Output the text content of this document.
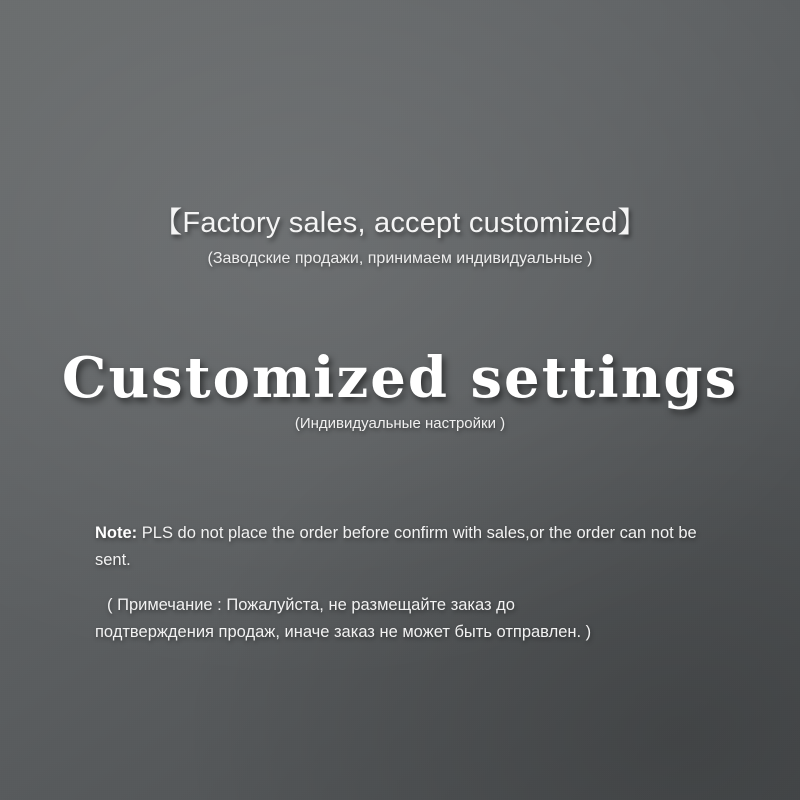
【Factory sales, accept customized】
(Заводские продажи, принимаем индивидуальные )
Customized settings
(Индивидуальные настройки )
Note: PLS do not place the order before confirm with sales,or the order can not be sent.
( Примечание : Пожалуйста, не размещайте заказ до
подтверждения продаж, иначе заказ не может быть отправлен. )
